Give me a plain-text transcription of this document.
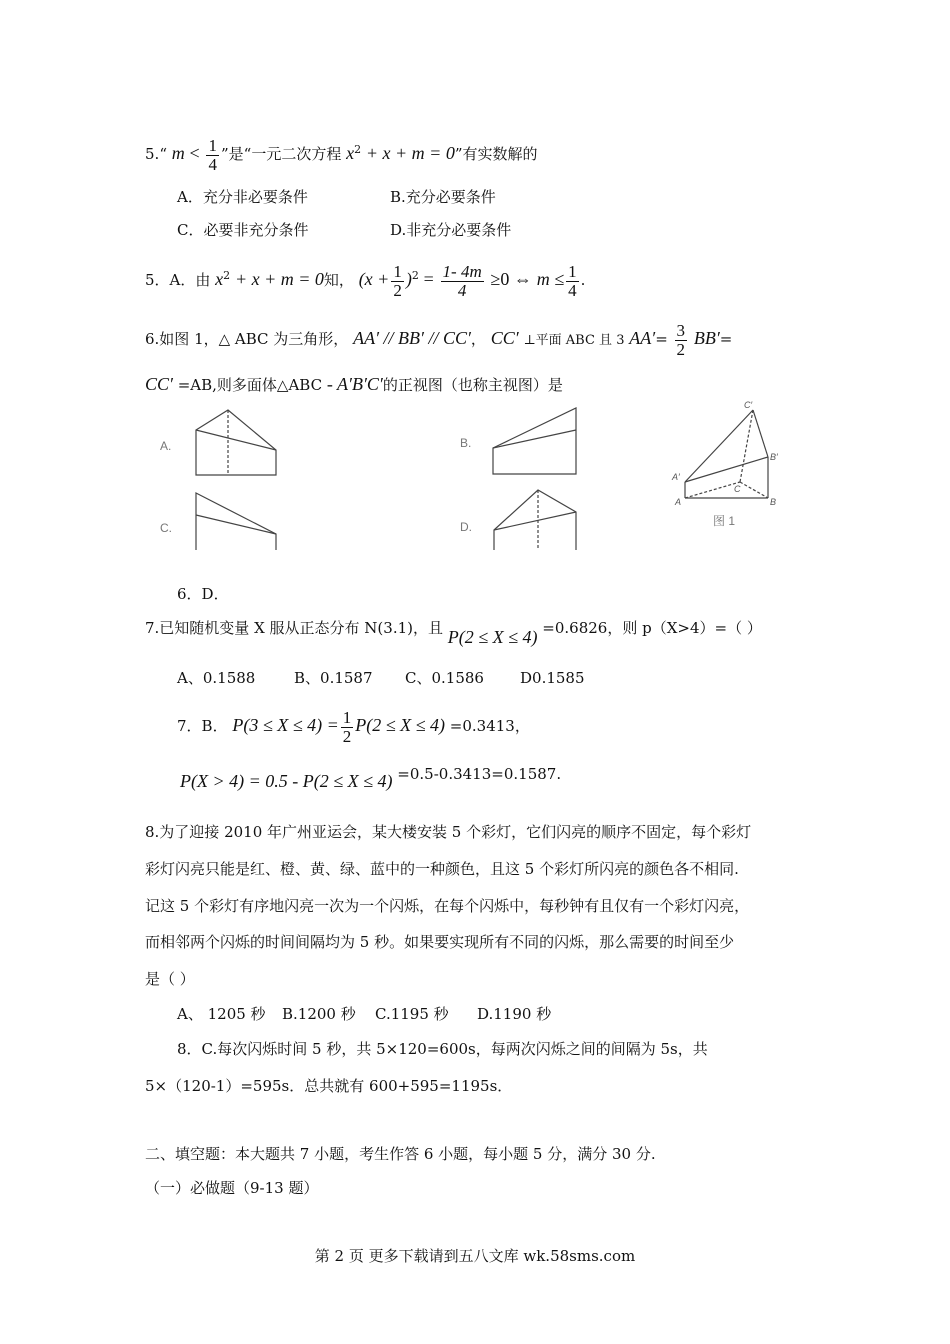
5.“ $m < \frac{1}{4}$ ”是“一元二次方程 $x^2 + x + m = 0$”有实数解的
A．充分非必要条件	B.充分必要条件
C．必要非充分条件	D.非充分必要条件
5．A．由 $x^2 + x + m = 0$知， $(x + \frac{1}{2} )^2 = \frac{1- 4m}{4} \ge 0$ ⇔ $m \le \frac{1}{4}$ .
6.如图 1，△ ABC 为三角形， AA′ // BB′ // CC′， CC′ ⊥平面 ABC 且 3 $AA'= \frac{3}{2} BB'=$
CC′ =AB,则多面体△ABC - A′B′C′的正视图（也称主视图）是
A.	B.
C.	D.
C′
B′
A′
A	B
C
图 1
6．D．
7.已知随机变量 X 服从正态分布 N(3.1)，且 P(2 ≤ X ≤ 4) =0.6826，则 p（X>4）=（ ）
A、0.1588	B、0.1587 C、0.1586 D0.1585
7．B． $P(3 \le X \le 4) = \frac{1}{2} P(2 \le X \le 4) =0.3413$，
P(X > 4) = 0.5 - P(2 ≤ X ≤ 4) =0.5-0.3413=0.1587.
8.为了迎接 2010 年广州亚运会，某大楼安装 5 个彩灯，它们闪亮的顺序不固定，每个彩灯
彩灯闪亮只能是红、橙、黄、绿、蓝中的一种颜色，且这 5 个彩灯所闪亮的颜色各不相同.
记这 5 个彩灯有序地闪亮一次为一个闪烁，在每个闪烁中，每秒钟有且仅有一个彩灯闪亮，
而相邻两个闪烁的时间间隔均为 5 秒。如果要实现所有不同的闪烁，那么需要的时间至少
是（ ）
A、 1205 秒 B.1200 秒 C.1195 秒 D.1190 秒
8．C.每次闪烁时间 5 秒，共 5×120=600s，每两次闪烁之间的间隔为 5s，共
5×（120-1）=595s．总共就有 600+595=1195s．
二、填空题：本大题共 7 小题，考生作答 6 小题，每小题 5 分，满分 30 分.
（一）必做题（9-13 题）
第 2 页 更多下载请到五八文库 wk.58sms.com
